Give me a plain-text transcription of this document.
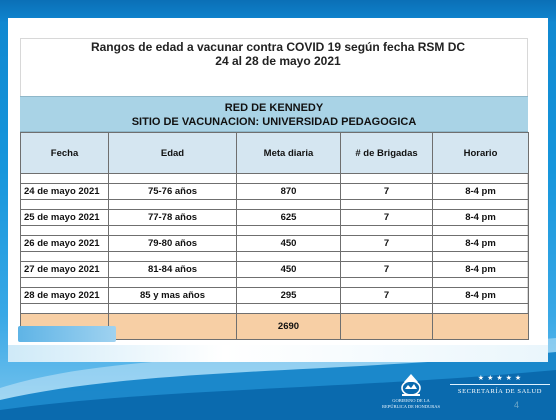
Rangos de edad a vacunar contra COVID 19 según fecha RSM DC
24 al 28 de mayo 2021
RED DE KENNEDY
SITIO DE VACUNACION: UNIVERSIDAD PEDAGOGICA
Fecha	Edad	Meta diaria	# de Brigadas	Horario

24 de mayo 2021	75-76 años	870	7	8-4 pm

25 de mayo 2021	77-78 años	625	7	8-4 pm

26 de mayo 2021	79-80 años	450	7	8-4 pm

27 de mayo 2021	81-84 años	450	7	8-4 pm

28 de mayo 2021	85 y mas años	295	7	8-4 pm

		2690		
GOBIERNO DE LA
REPÚBLICA DE HONDURAS
★★★★★
SECRETARÍA DE SALUD
4
